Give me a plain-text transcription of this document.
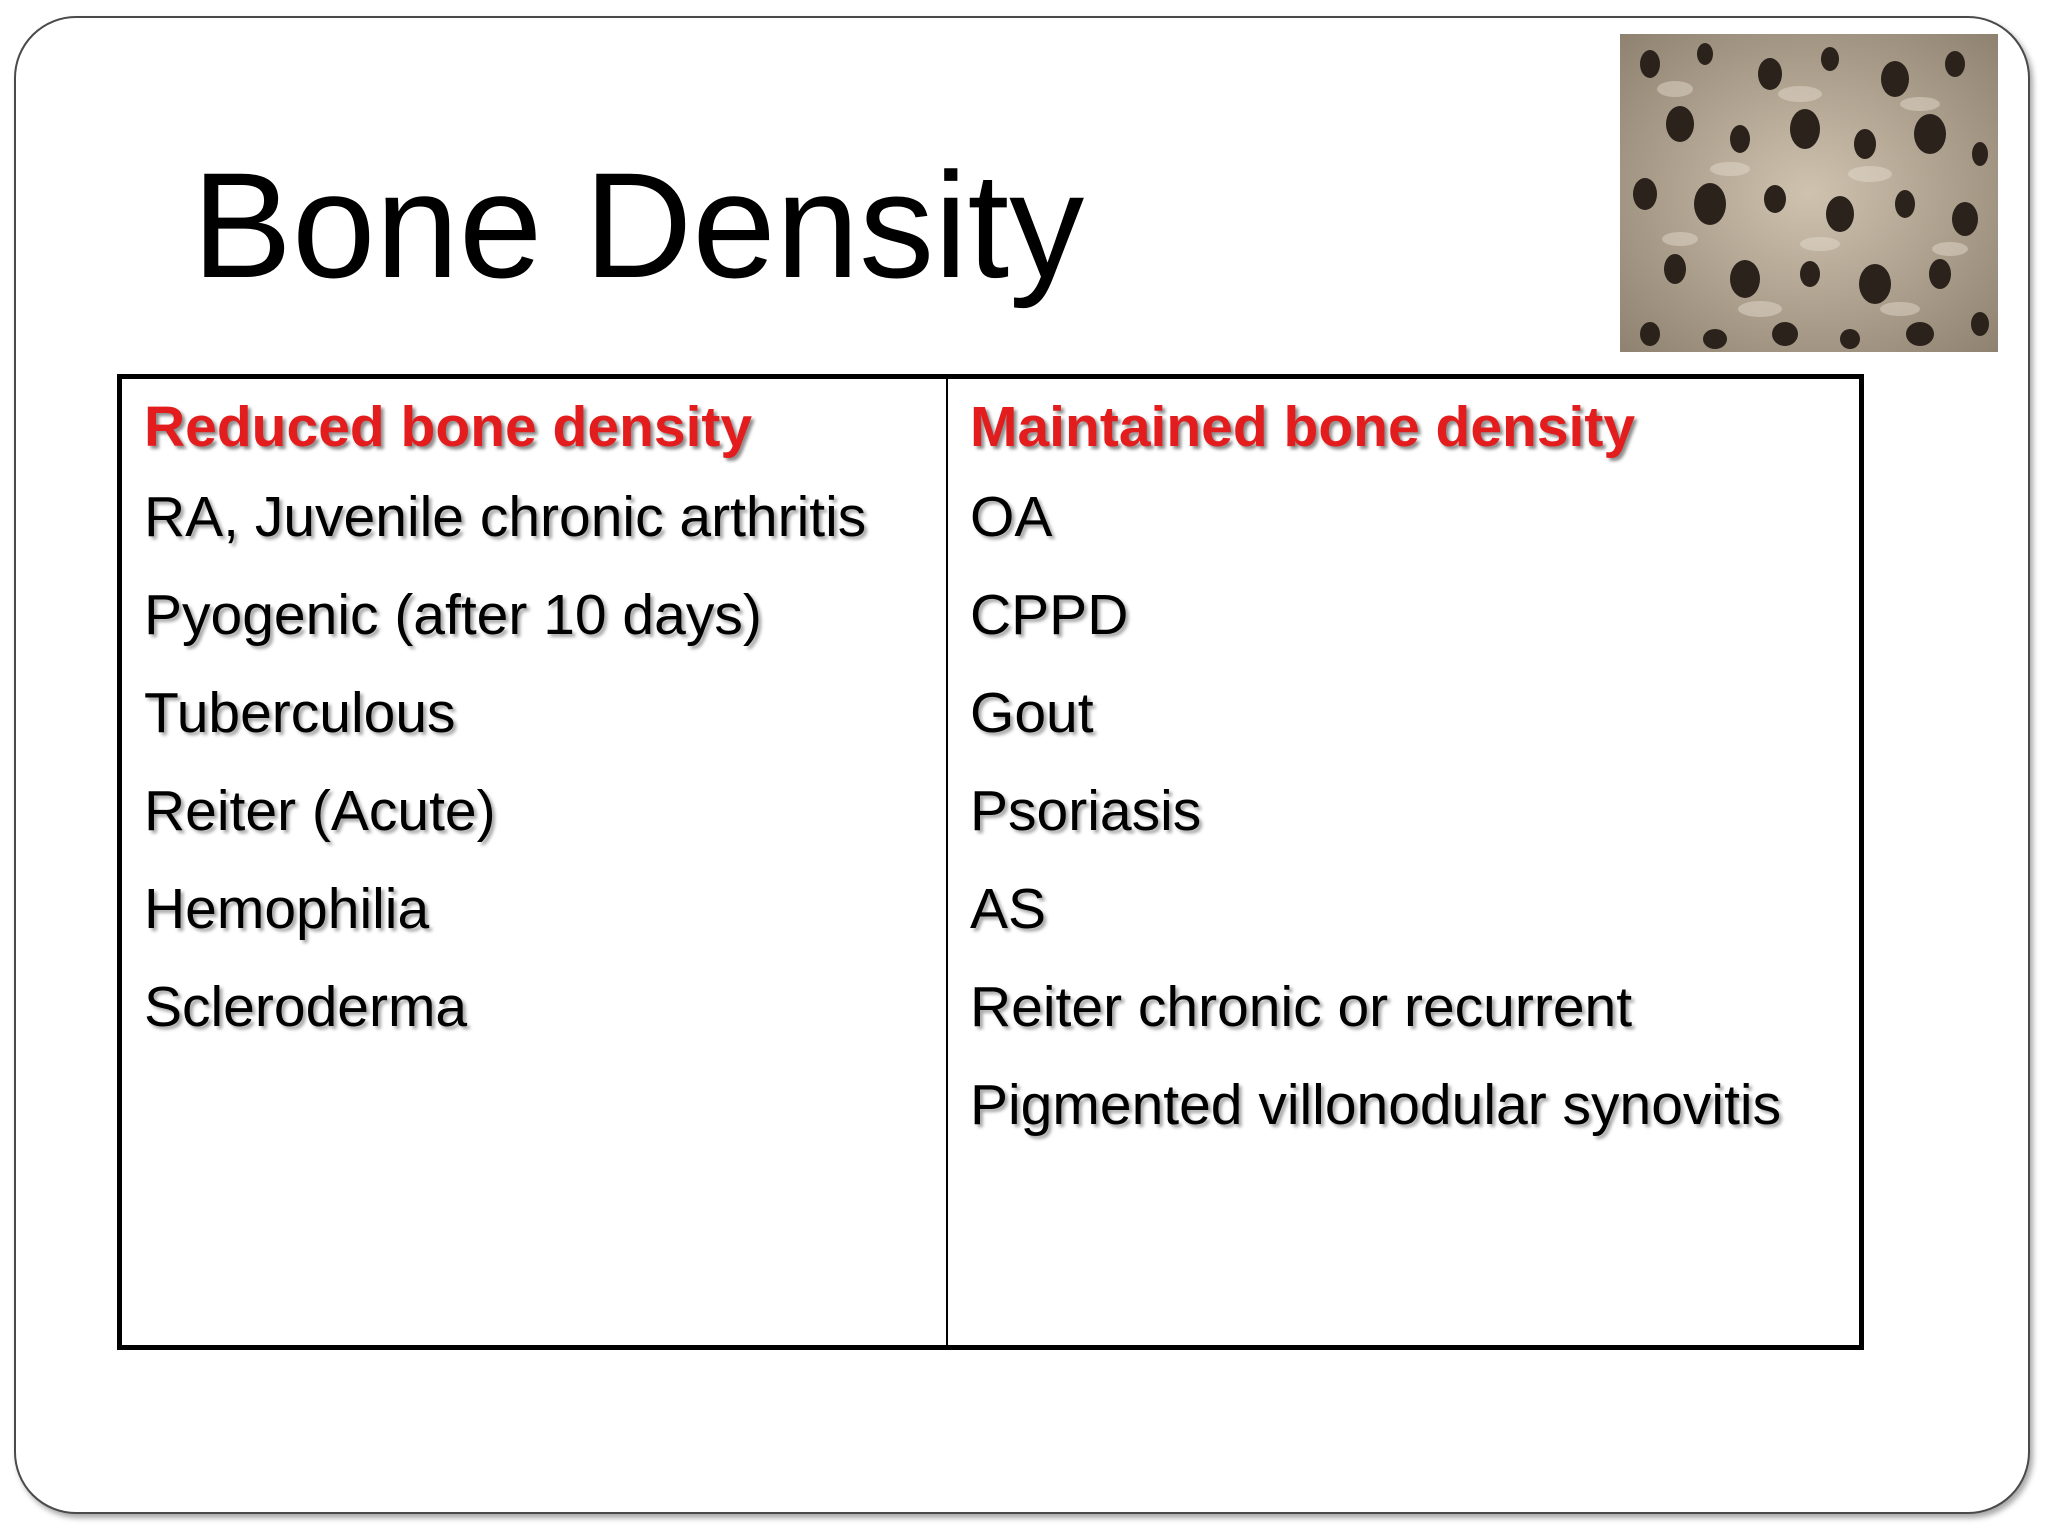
Bone Density
Reduced bone density
RA, Juvenile chronic arthritis
Pyogenic (after 10 days)
Tuberculous
Reiter (Acute)
Hemophilia
Scleroderma
Maintained bone density
OA
CPPD
Gout
Psoriasis
AS
Reiter chronic or recurrent
Pigmented villonodular synovitis
